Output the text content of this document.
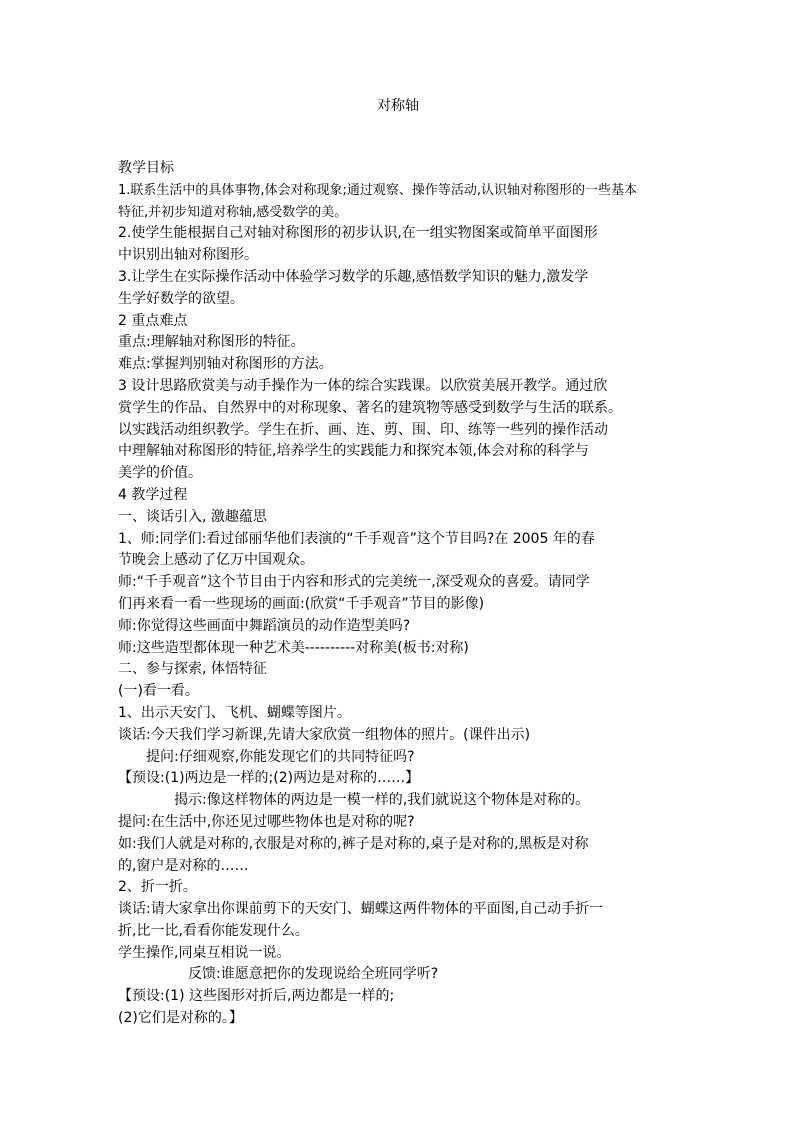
对称轴
教学目标
1.联系生活中的具体事物,体会对称现象;通过观察、操作等活动,认识轴对称图形的一些基本
特征,并初步知道对称轴,感受数学的美。
2.使学生能根据自己对轴对称图形的初步认识,在一组实物图案或简单平面图形
中识别出轴对称图形。
3.让学生在实际操作活动中体验学习数学的乐趣,感悟数学知识的魅力,激发学
生学好数学的欲望。
2 重点难点
重点:理解轴对称图形的特征。
难点:掌握判别轴对称图形的方法。
3 设计思路欣赏美与动手操作为一体的综合实践课。以欣赏美展开教学。通过欣
赏学生的作品、自然界中的对称现象、著名的建筑物等感受到数学与生活的联系。
以实践活动组织教学。学生在折、画、连、剪、围、印、练等一些列的操作活动
中理解轴对称图形的特征,培养学生的实践能力和探究本领,体会对称的科学与
美学的价值。
4 教学过程
一、谈话引入, 激趣蕴思
1、师:同学们:看过邰丽华他们表演的“千手观音”这个节目吗?在 2005 年的春
节晚会上感动了亿万中国观众。
师:“千手观音”这个节目由于内容和形式的完美统一,深受观众的喜爱。请同学
们再来看一看一些现场的画面:(欣赏“千手观音”节目的影像)
师:你觉得这些画面中舞蹈演员的动作造型美吗?
师:这些造型都体现一种艺术美----------对称美(板书:对称)
二、参与探索, 体悟特征
(一)看一看。
1、出示天安门、飞机、蝴蝶等图片。
谈话:今天我们学习新课,先请大家欣赏一组物体的照片。(课件出示)
提问:仔细观察,你能发现它们的共同特征吗?
【预设:(1)两边是一样的;(2)两边是对称的……】
揭示:像这样物体的两边是一模一样的,我们就说这个物体是对称的。
提问:在生活中,你还见过哪些物体也是对称的呢?
如:我们人就是对称的,衣服是对称的,裤子是对称的,桌子是对称的,黑板是对称
的,窗户是对称的……
2、折一折。
谈话:请大家拿出你课前剪下的天安门、蝴蝶这两件物体的平面图,自己动手折一
折,比一比,看看你能发现什么。
学生操作,同桌互相说一说。
反馈:谁愿意把你的发现说给全班同学听?
【预设:(1) 这些图形对折后,两边都是一样的;
(2)它们是对称的。】
